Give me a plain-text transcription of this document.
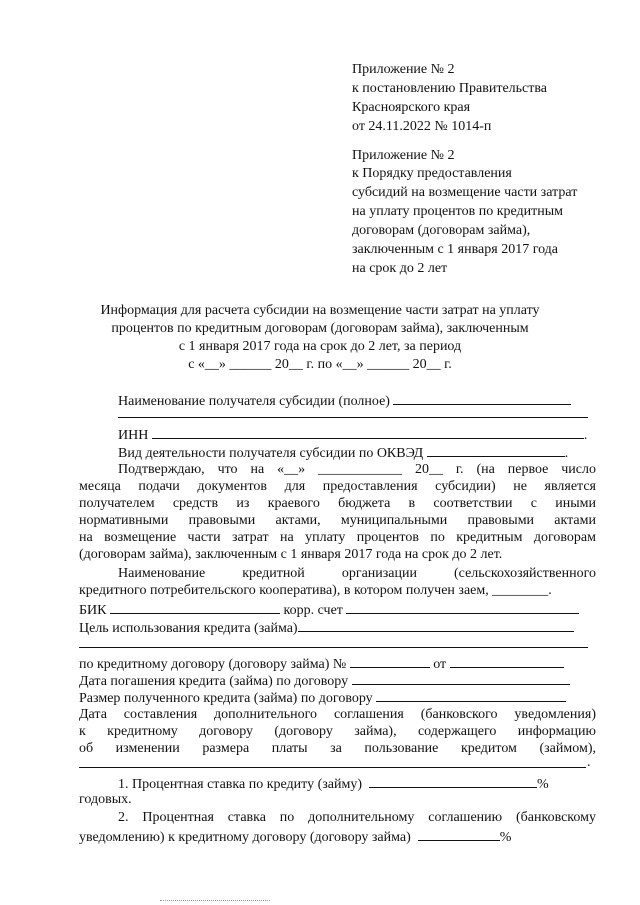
Приложение № 2
к постановлению Правительства
Красноярского края
от 24.11.2022 № 1014-п
Приложение № 2
к Порядку предоставления
субсидий на возмещение части затрат
на уплату процентов по кредитным
договорам (договорам займа),
заключенным с 1 января 2017 года
на срок до 2 лет
Информация для расчета субсидии на возмещение части затрат на уплату
процентов по кредитным договорам (договорам займа), заключенным
с 1 января 2017 года на срок до 2 лет, за период
с «__» ______ 20__ г. по «__» ______ 20__ г.
Наименование получателя субсидии (полное)
ИНН	.
Вид деятельности получателя субсидии по ОКВЭД	.
Подтверждаю, что на «__» ____________ 20__ г. (на первое число
месяца подачи документов для предоставления субсидии) не является
получателем средств из краевого бюджета в соответствии с иными
нормативными правовыми актами, муниципальными правовыми актами
на возмещение части затрат на уплату процентов по кредитным договорам
(договорам займа), заключенным с 1 января 2017 года на срок до 2 лет.
Наименование кредитной организации (сельскохозяйственного
кредитного потребительского кооператива), в котором получен заем, ________.
БИК	корр. счет
Цель использования кредита (займа)
по кредитному договору (договору займа) №	от
Дата погашения кредита (займа) по договору
Размер полученного кредита (займа) по договору
Дата составления дополнительного соглашения (банковского уведомления)
к кредитному договору (договору займа), содержащего информацию
об изменении размера платы за пользование кредитом (займом),
.
1. Процентная ставка по кредиту (займу)	%
годовых.
2. Процентная ставка по дополнительному соглашению (банковскому
уведомлению) к кредитному договору (договору займа)	%
